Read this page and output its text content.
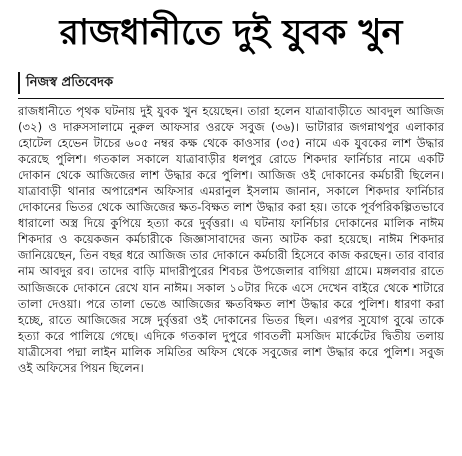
রাজধানীতে দুই যুবক খুন
নিজস্ব প্রতিবেদক

রাজধানীতে পৃথক ঘটনায় দুই যুবক খুন হয়েছেন। তারা হলেন যাত্রাবাড়ীতে আবদুল আজিজ (৩২) ও দারুসসালামে নুরুল আফসার ওরফে সবুজ (৩৬)। ভাটারার জগন্নাথপুর এলাকার হোটেল হেভেন টাচের ৬০৫ নম্বর কক্ষ থেকে কাওসার (৩৫) নামে এক যুবকের লাশ উদ্ধার করেছে পুলিশ। গতকাল সকালে যাত্রাবাড়ীর ধলপুর রোডে শিকদার ফার্নিচার নামে একটি দোকান থেকে আজিজের লাশ উদ্ধার করে পুলিশ। আজিজ ওই দোকানের কর্মচারী ছিলেন। যাত্রাবাড়ী থানার অপারেশন অফিসার এমরানুল ইসলাম জানান, সকালে শিকদার ফার্নিচার দোকানের ভিতর থেকে আজিজের ক্ষত-বিক্ষত লাশ উদ্ধার করা হয়। তাকে পূর্বপরিকল্পিতভাবে ধারালো অস্ত্র দিয়ে কুপিয়ে হত্যা করে দুর্বৃত্তরা। এ ঘটনায় ফার্নিচার দোকানের মালিক নাঈম শিকদার ও কয়েকজন কর্মচারীকে জিজ্ঞাসাবাদের জন্য আটক করা হয়েছে। নাঈম শিকদার জানিয়েছেন, তিন বছর ধরে আজিজ তার দোকানে কর্মচারী হিসেবে কাজ করছেন। তার বাবার নাম আবদুর রব। তাদের বাড়ি মাদারীপুরের শিবচর উপজেলার বাগিয়া গ্রামে। মঙ্গলবার রাতে আজিজকে দোকানে রেখে যান নাঈম। সকাল ১০টার দিকে এসে দেখেন বাইরে থেকে শাটারে তালা দেওয়া। পরে তালা ভেঙে আজিজের ক্ষতবিক্ষত লাশ উদ্ধার করে পুলিশ। ধারণা করা হচ্ছে, রাতে আজিজের সঙ্গে দুর্বৃত্তরা ওই দোকানের ভিতর ছিল। এরপর সুযোগ বুঝে তাকে হত্যা করে পালিয়ে গেছে। এদিকে গতকাল দুপুরে গাবতলী মসজিদ মার্কেটের দ্বিতীয় তলায় যাত্রীসেবা পদ্মা লাইন মালিক সমিতির অফিস থেকে সবুজের লাশ উদ্ধার করে পুলিশ। সবুজ ওই অফিসের পিয়ন ছিলেন।
